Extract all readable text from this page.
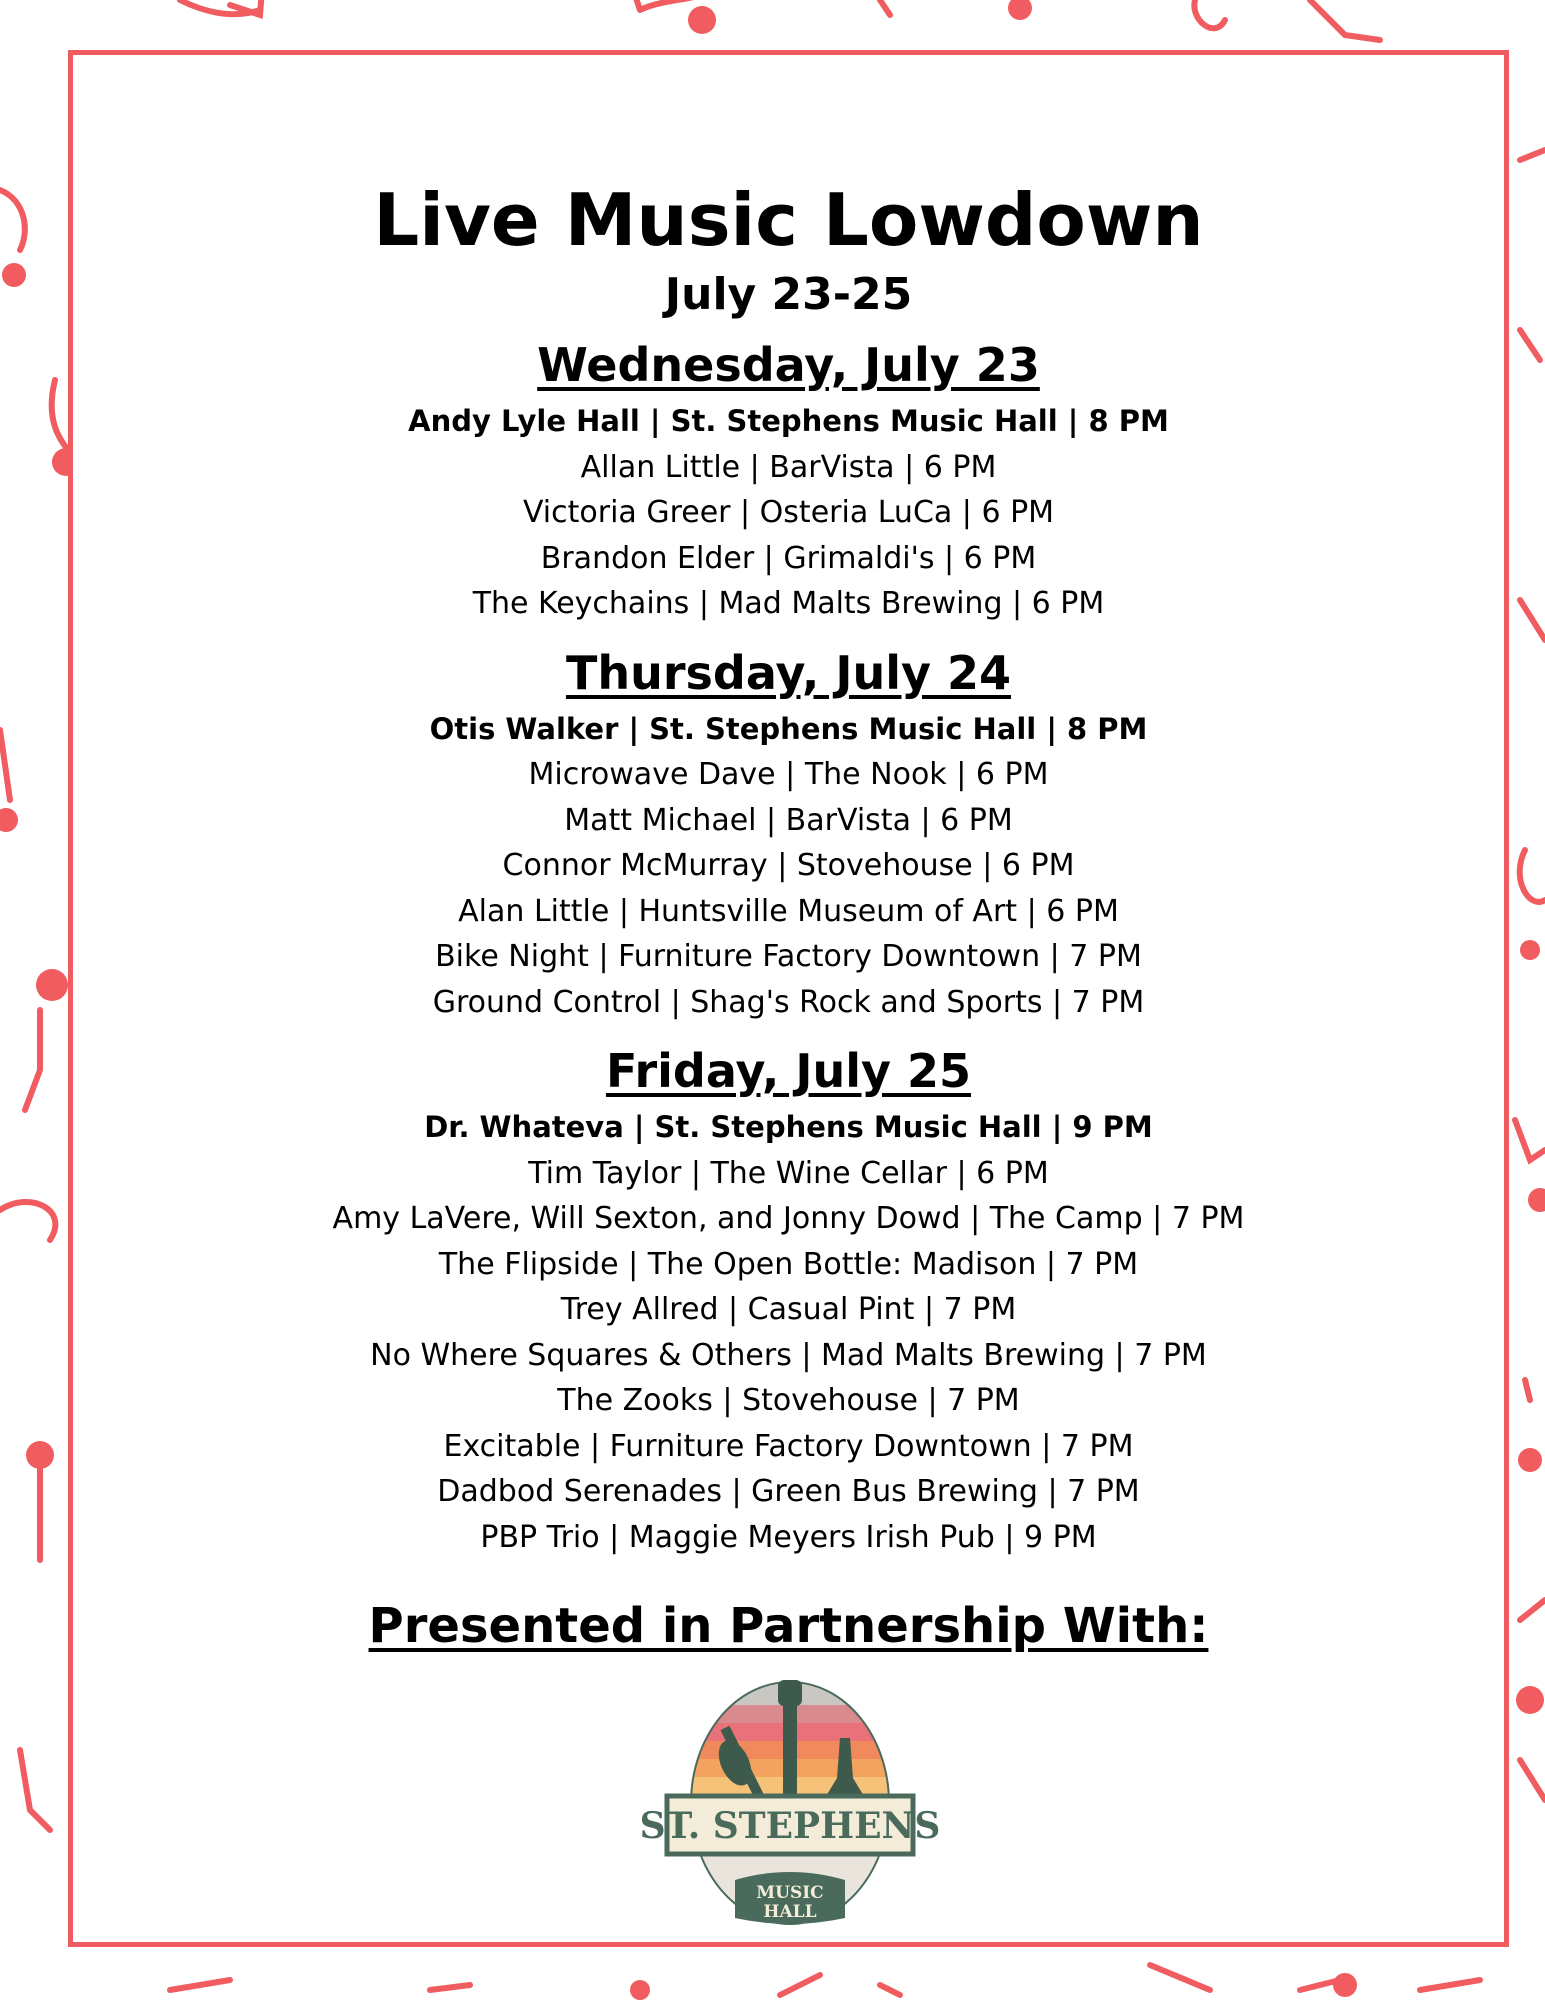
Live Music Lowdown
July 23-25
Wednesday, July 23

Andy Lyle Hall | St. Stephens Music Hall | 8 PM

Allan Little | BarVista | 6 PM

Victoria Greer | Osteria LuCa | 6 PM

Brandon Elder | Grimaldi's | 6 PM

The Keychains | Mad Malts Brewing | 6 PM

Thursday, July 24

Otis Walker | St. Stephens Music Hall | 8 PM

Microwave Dave | The Nook | 6 PM

Matt Michael | BarVista | 6 PM

Connor McMurray | Stovehouse | 6 PM

Alan Little | Huntsville Museum of Art | 6 PM

Bike Night | Furniture Factory Downtown | 7 PM

Ground Control | Shag's Rock and Sports | 7 PM

Friday, July 25

Dr. Whateva | St. Stephens Music Hall | 9 PM

Tim Taylor | The Wine Cellar | 6 PM

Amy LaVere, Will Sexton, and Jonny Dowd | The Camp | 7 PM

The Flipside | The Open Bottle: Madison | 7 PM

Trey Allred | Casual Pint | 7 PM

No Where Squares & Others | Mad Malts Brewing | 7 PM

The Zooks | Stovehouse | 7 PM

Excitable | Furniture Factory Downtown | 7 PM

Dadbod Serenades | Green Bus Brewing | 7 PM

PBP Trio | Maggie Meyers Irish Pub | 9 PM

Presented in Partnership With:
ST. STEPHENS
MUSIC
HALL
